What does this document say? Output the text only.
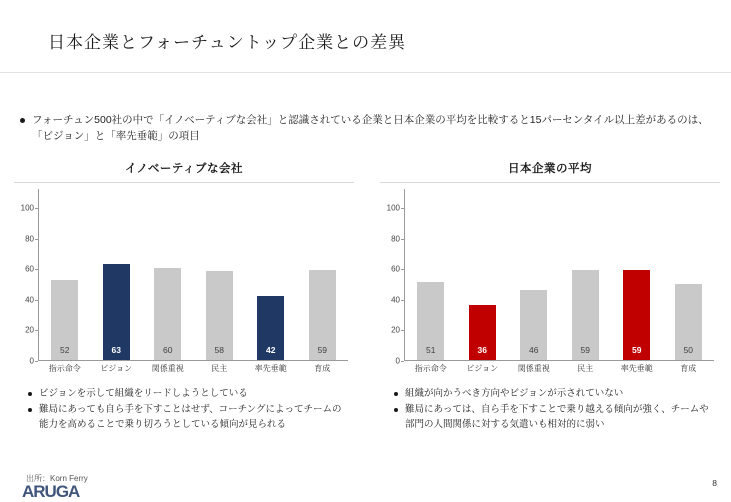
日本企業とフォーチュントップ企業との差異
フォーチュン500社の中で「イノベーティブな会社」と認識されている企業と日本企業の平均を比較すると15パーセンタイル以上差があるのは、「ビジョン」と「率先垂範」の項目
イノベーティブな会社
100
80
60
40
20
0
52	63	60	58	42	59
指示命令 ビジョン 関係重視	民主	率先垂範	育成
ビジョンを示して組織をリードしようとしている
難局にあっても自ら手を下すことはせず、コーチングによってチームの能力を高めることで乗り切ろうとしている傾向が見られる
日本企業の平均
100
80
60
40
20
0
51	36	46	59	59	50
指示命令 ビジョン 関係重視	民主	率先垂範	育成
組織が向かうべき方向やビジョンが示されていない
難局にあっては、自ら手を下すことで乗り越える傾向が強く、チームや部門の人間関係に対する気遣いも相対的に弱い
出所：Korn Ferry
ARUGA	8
